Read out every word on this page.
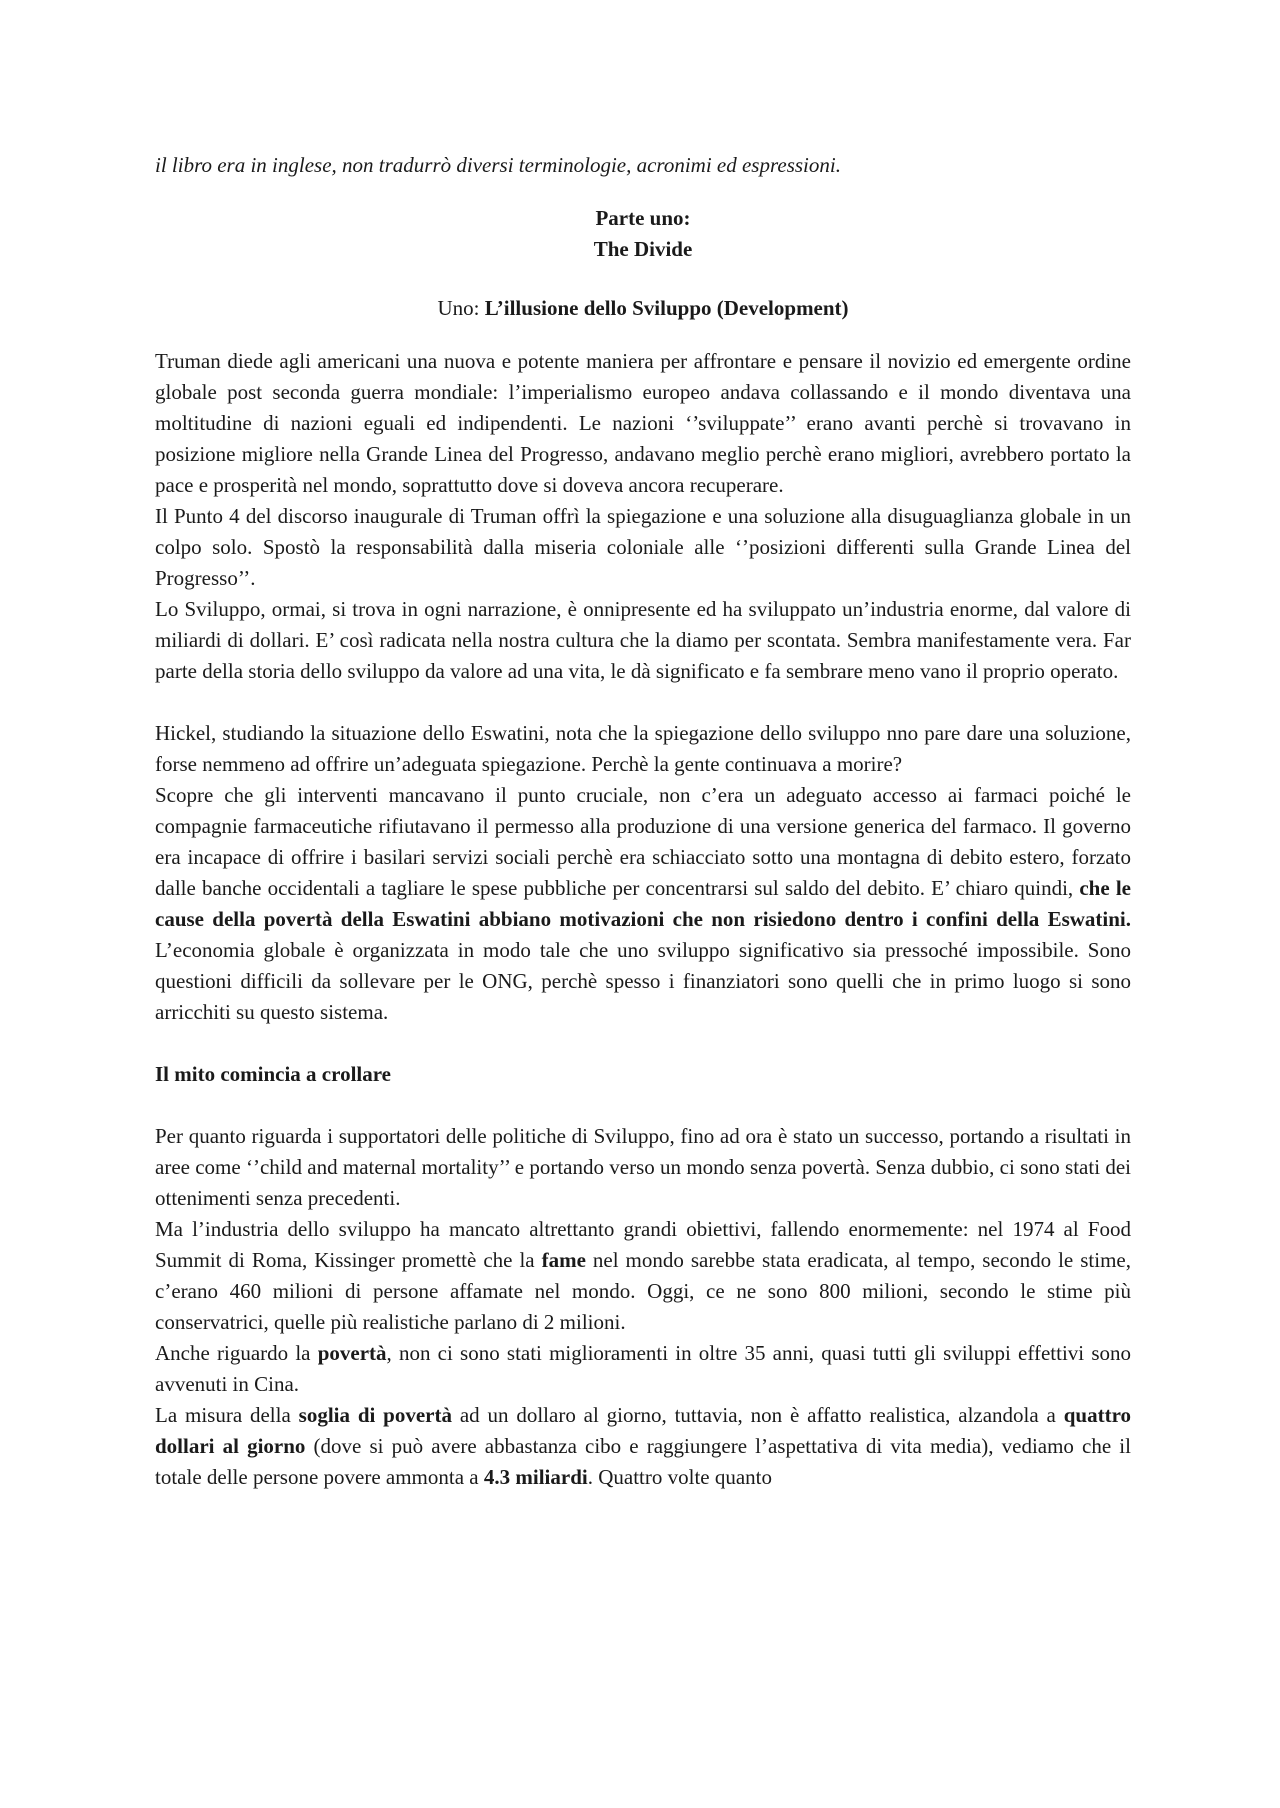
il libro era in inglese, non tradurrò diversi terminologie, acronimi ed espressioni.

Parte uno:

The Divide

Uno: L’illusione dello Sviluppo (Development)

Truman diede agli americani una nuova e potente maniera per affrontare e pensare il novizio ed emergente ordine globale post seconda guerra mondiale: l’imperialismo europeo andava collassando e il mondo diventava una moltitudine di nazioni eguali ed indipendenti. Le nazioni ‘’sviluppate’’ erano avanti perchè si trovavano in posizione migliore nella Grande Linea del Progresso, andavano meglio perchè erano migliori, avrebbero portato la pace e prosperità nel mondo, soprattutto dove si doveva ancora recuperare.

Il Punto 4 del discorso inaugurale di Truman offrì la spiegazione e una soluzione alla disuguaglianza globale in un colpo solo. Spostò la responsabilità dalla miseria coloniale alle ‘’posizioni differenti sulla Grande Linea del Progresso’’.

Lo Sviluppo, ormai, si trova in ogni narrazione, è onnipresente ed ha sviluppato un’industria enorme, dal valore di miliardi di dollari. E’ così radicata nella nostra cultura che la diamo per scontata. Sembra manifestamente vera. Far parte della storia dello sviluppo da valore ad una vita, le dà significato e fa sembrare meno vano il proprio operato.

Hickel, studiando la situazione dello Eswatini, nota che la spiegazione dello sviluppo nno pare dare una soluzione, forse nemmeno ad offrire un’adeguata spiegazione. Perchè la gente continuava a morire?

Scopre che gli interventi mancavano il punto cruciale, non c’era un adeguato accesso ai farmaci poiché le compagnie farmaceutiche rifiutavano il permesso alla produzione di una versione generica del farmaco. Il governo era incapace di offrire i basilari servizi sociali perchè era schiacciato sotto una montagna di debito estero, forzato dalle banche occidentali a tagliare le spese pubbliche per concentrarsi sul saldo del debito. E’ chiaro quindi, che le cause della povertà della Eswatini abbiano motivazioni che non risiedono dentro i confini della Eswatini. L’economia globale è organizzata in modo tale che uno sviluppo significativo sia pressoché impossibile. Sono questioni difficili da sollevare per le ONG, perchè spesso i finanziatori sono quelli che in primo luogo si sono arricchiti su questo sistema.

Il mito comincia a crollare

Per quanto riguarda i supportatori delle politiche di Sviluppo, fino ad ora è stato un successo, portando a risultati in aree come ‘’child and maternal mortality’’ e portando verso un mondo senza povertà. Senza dubbio, ci sono stati dei ottenimenti senza precedenti.

Ma l’industria dello sviluppo ha mancato altrettanto grandi obiettivi, fallendo enormemente: nel 1974 al Food Summit di Roma, Kissinger promettè che la fame nel mondo sarebbe stata eradicata, al tempo, secondo le stime, c’erano 460 milioni di persone affamate nel mondo. Oggi, ce ne sono 800 milioni, secondo le stime più conservatrici, quelle più realistiche parlano di 2 milioni.

Anche riguardo la povertà, non ci sono stati miglioramenti in oltre 35 anni, quasi tutti gli sviluppi effettivi sono avvenuti in Cina.

La misura della soglia di povertà ad un dollaro al giorno, tuttavia, non è affatto realistica, alzandola a quattro dollari al giorno (dove si può avere abbastanza cibo e raggiungere l’aspettativa di vita media), vediamo che il totale delle persone povere ammonta a 4.3 miliardi. Quattro volte quanto
